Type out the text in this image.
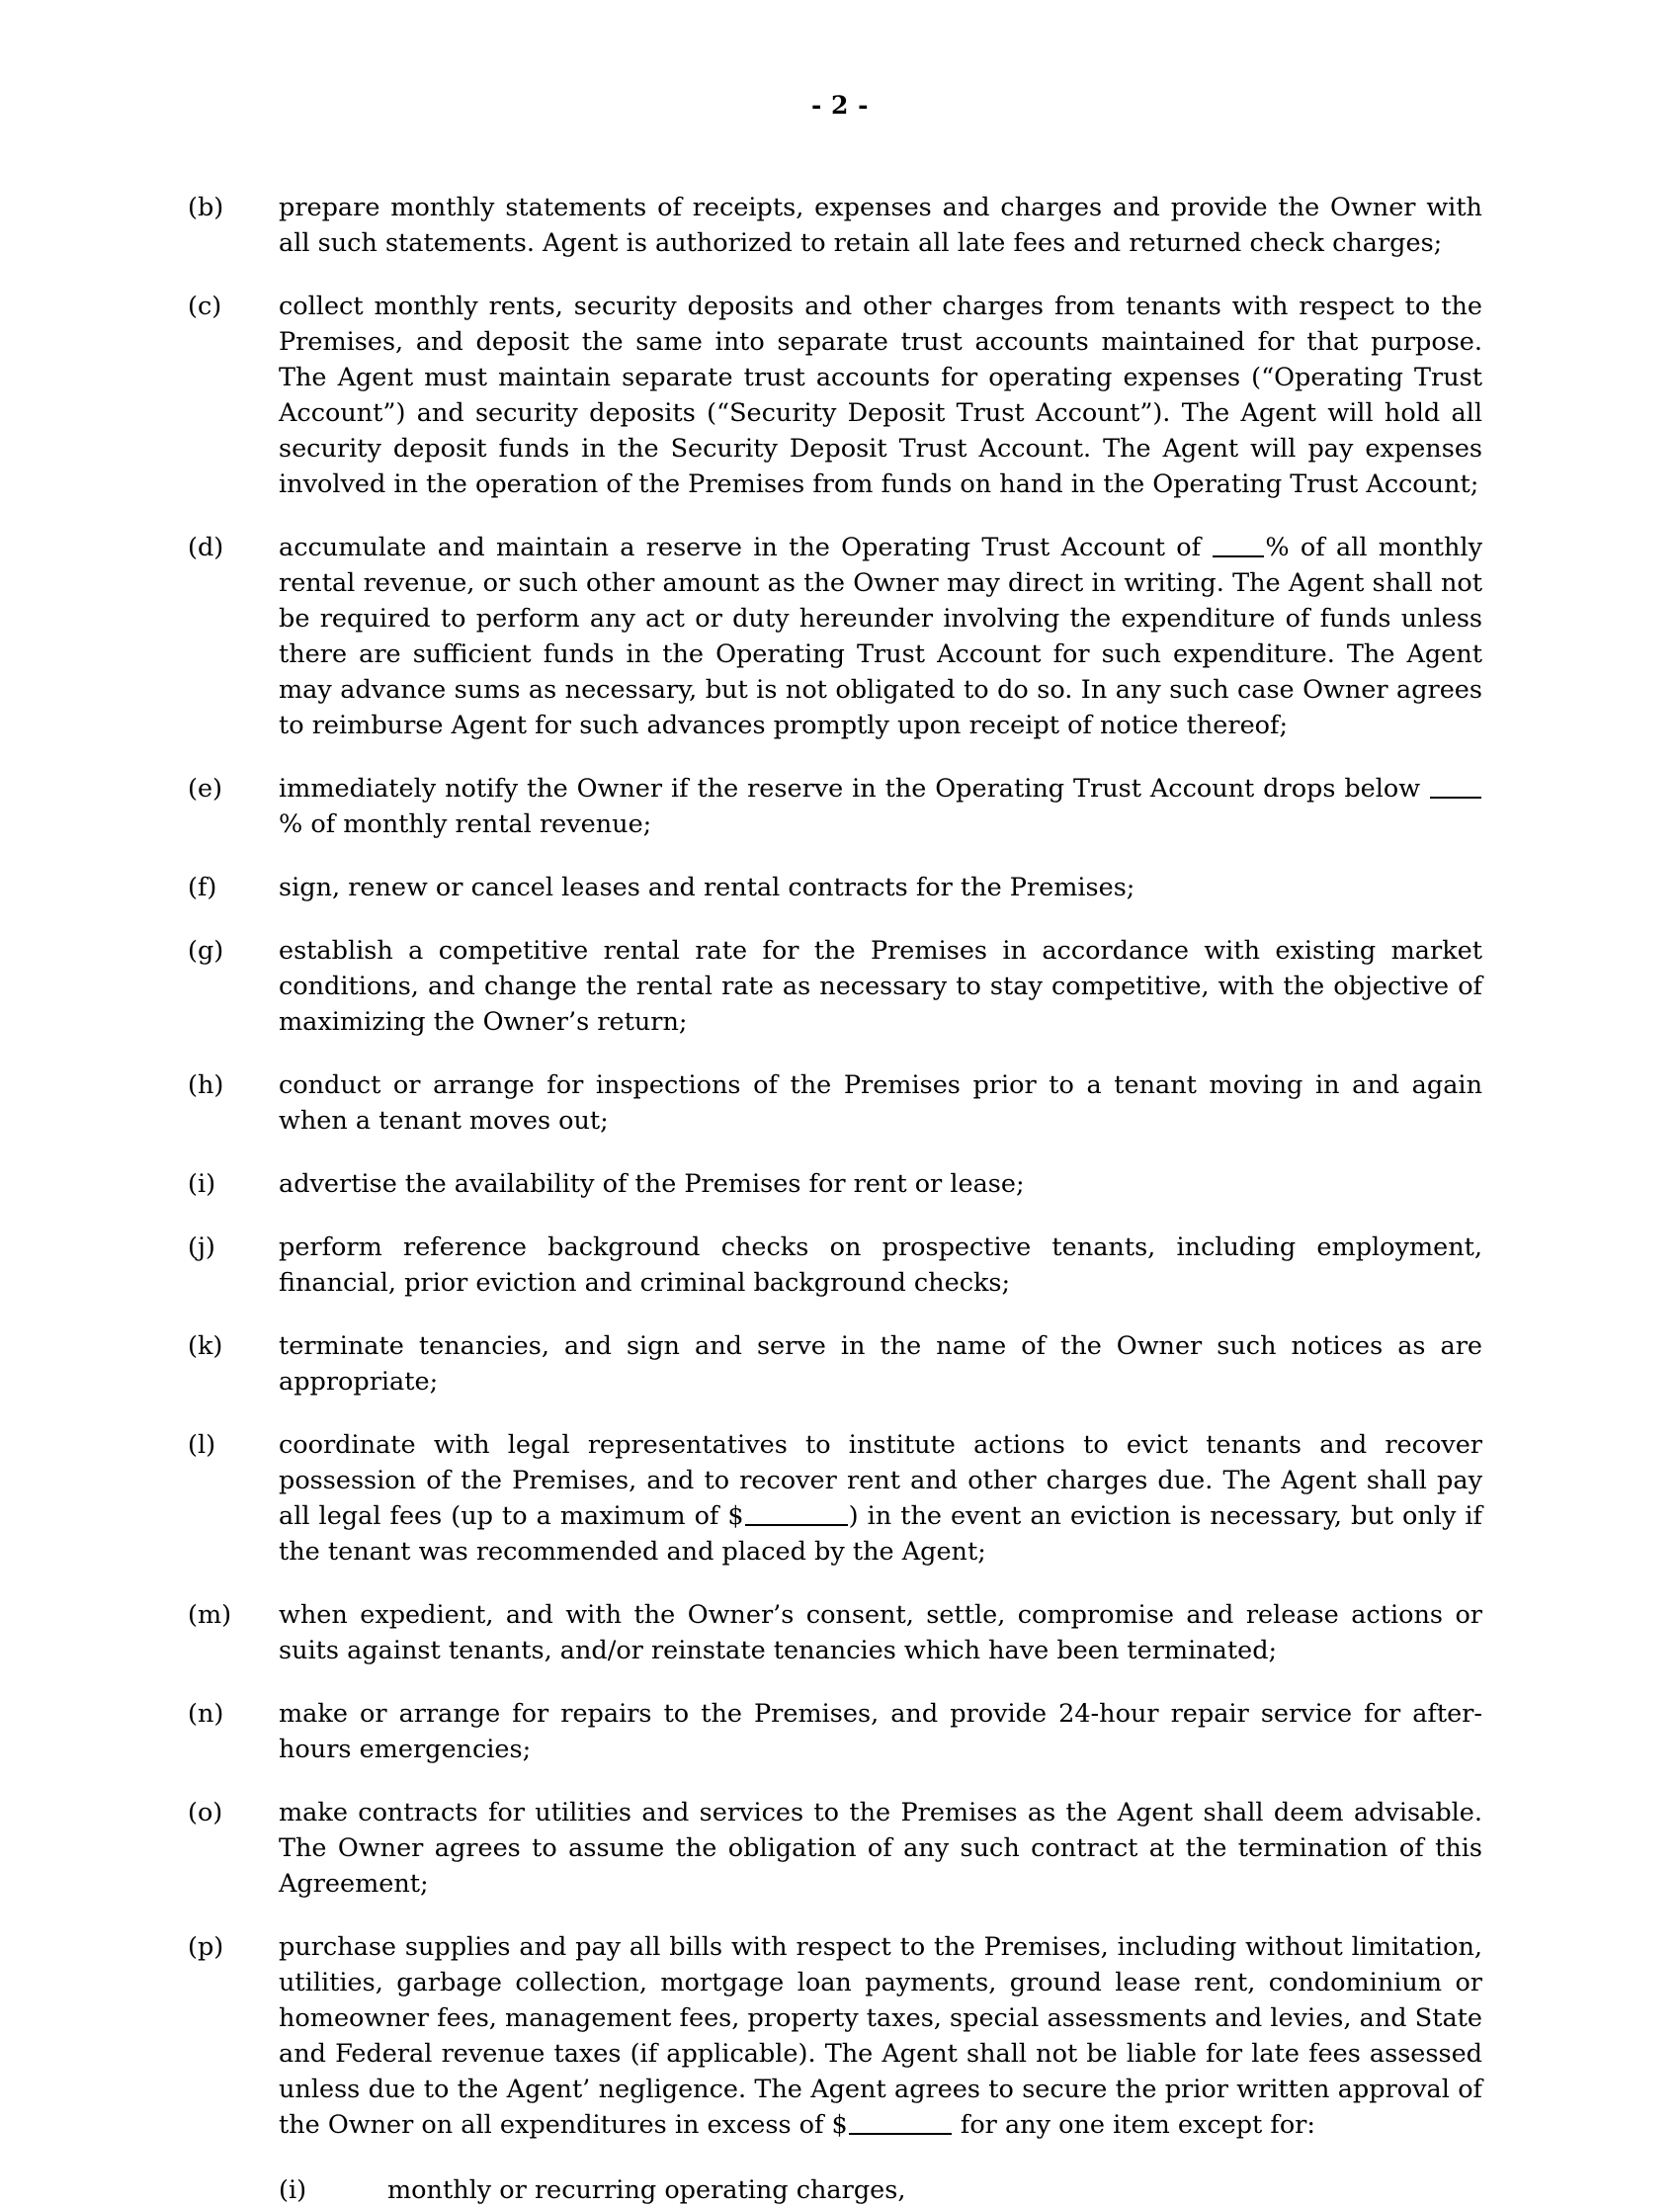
- 2 -
(b)	prepare monthly statements of receipts, expenses and charges and provide the Owner with all such statements. Agent is authorized to retain all late fees and returned check charges;
(c)	collect monthly rents, security deposits and other charges from tenants with respect to the Premises, and deposit the same into separate trust accounts maintained for that purpose. The Agent must maintain separate trust accounts for operating expenses (“Operating Trust Account”) and security deposits (“Security Deposit Trust Account”). The Agent will hold all security deposit funds in the Security Deposit Trust Account. The Agent will pay expenses involved in the operation of the Premises from funds on hand in the Operating Trust Account;
(d)	accumulate and maintain a reserve in the Operating Trust Account of % of all monthly rental revenue, or such other amount as the Owner may direct in writing. The Agent shall not be required to perform any act or duty hereunder involving the expenditure of funds unless there are sufficient funds in the Operating Trust Account for such expenditure. The Agent may advance sums as necessary, but is not obligated to do so. In any such case Owner agrees to reimburse Agent for such advances promptly upon receipt of notice thereof;
(e)	immediately notify the Owner if the reserve in the Operating Trust Account drops below % of monthly rental revenue;
(f)	sign, renew or cancel leases and rental contracts for the Premises;
(g)	establish a competitive rental rate for the Premises in accordance with existing market conditions, and change the rental rate as necessary to stay competitive, with the objective of maximizing the Owner’s return;
(h)	conduct or arrange for inspections of the Premises prior to a tenant moving in and again when a tenant moves out;
(i)	advertise the availability of the Premises for rent or lease;
(j)	perform reference background checks on prospective tenants, including employment, financial, prior eviction and criminal background checks;
(k)	terminate tenancies, and sign and serve in the name of the Owner such notices as are appropriate;
(l)	coordinate with legal representatives to institute actions to evict tenants and recover possession of the Premises, and to recover rent and other charges due. The Agent shall pay all legal fees (up to a maximum of $	) in the event an eviction is necessary, but only if the tenant was recommended and placed by the Agent;
(m)	when expedient, and with the Owner’s consent, settle, compromise and release actions or suits against tenants, and/or reinstate tenancies which have been terminated;
(n)	make or arrange for repairs to the Premises, and provide 24-hour repair service for after-hours emergencies;
(o)	make contracts for utilities and services to the Premises as the Agent shall deem advisable. The Owner agrees to assume the obligation of any such contract at the termination of this Agreement;
(p)	purchase supplies and pay all bills with respect to the Premises, including without limitation, utilities, garbage collection, mortgage loan payments, ground lease rent, condominium or homeowner fees, management fees, property taxes, special assessments and levies, and State and Federal revenue taxes (if applicable). The Agent shall not be liable for late fees assessed unless due to the Agent’ negligence. The Agent agrees to secure the prior written approval of the Owner on all expenditures in excess of $	for any one item except for:
(i)	monthly or recurring operating charges,
